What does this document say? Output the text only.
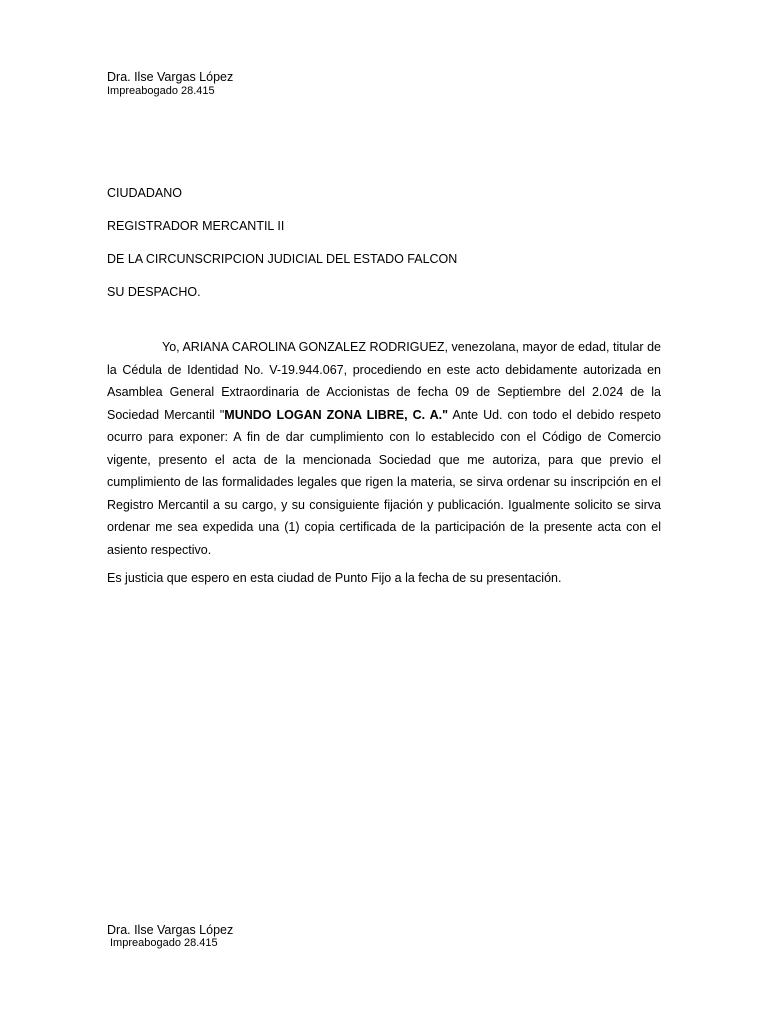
Dra. Ilse Vargas López
Impreabogado 28.415
CIUDADANO
REGISTRADOR MERCANTIL II
DE LA CIRCUNSCRIPCION JUDICIAL DEL ESTADO FALCON
SU DESPACHO.

Yo, ARIANA CAROLINA GONZALEZ RODRIGUEZ, venezolana, mayor de edad, titular de la Cédula de Identidad No. V-19.944.067, procediendo en este acto debidamente autorizada en Asamblea General Extraordinaria de Accionistas de fecha 09 de Septiembre del 2.024 de la Sociedad Mercantil "MUNDO LOGAN ZONA LIBRE, C. A." Ante Ud. con todo el debido respeto ocurro para exponer: A fin de dar cumplimiento con lo establecido con el Código de Comercio vigente, presento el acta de la mencionada Sociedad que me autoriza, para que previo el cumplimiento de las formalidades legales que rigen la materia, se sirva ordenar su inscripción en el Registro Mercantil a su cargo, y su consiguiente fijación y publicación. Igualmente solicito se sirva ordenar me sea expedida una (1) copia certificada de la participación de la presente acta con el asiento respectivo.

Es justicia que espero en esta ciudad de Punto Fijo a la fecha de su presentación.
Dra. Ilse Vargas López
Impreabogado 28.415
